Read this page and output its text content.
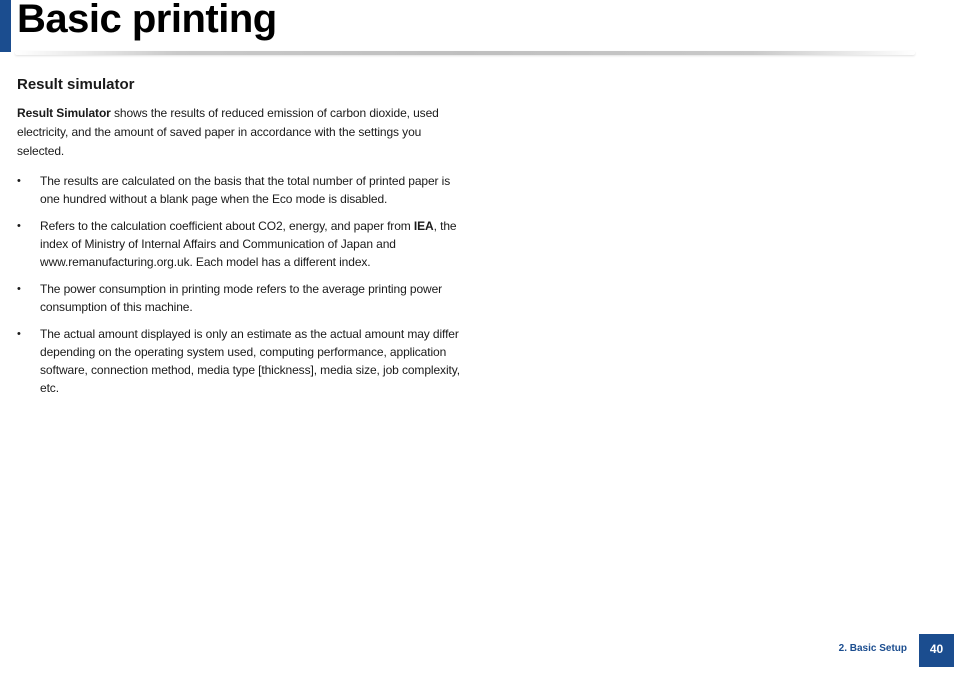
Basic printing
Result simulator

Result Simulator shows the results of reduced emission of carbon dioxide, used electricity, and the amount of saved paper in accordance with the settings you selected.

•	The results are calculated on the basis that the total number of printed paper is one hundred without a blank page when the Eco mode is disabled.
•	Refers to the calculation coefficient about CO2, energy, and paper from IEA, the index of Ministry of Internal Affairs and Communication of Japan and www.remanufacturing.org.uk. Each model has a different index.
•	The power consumption in printing mode refers to the average printing power consumption of this machine.
•	The actual amount displayed is only an estimate as the actual amount may differ depending on the operating system used, computing performance, application software, connection method, media type [thickness], media size, job complexity, etc.
2. Basic Setup	40
